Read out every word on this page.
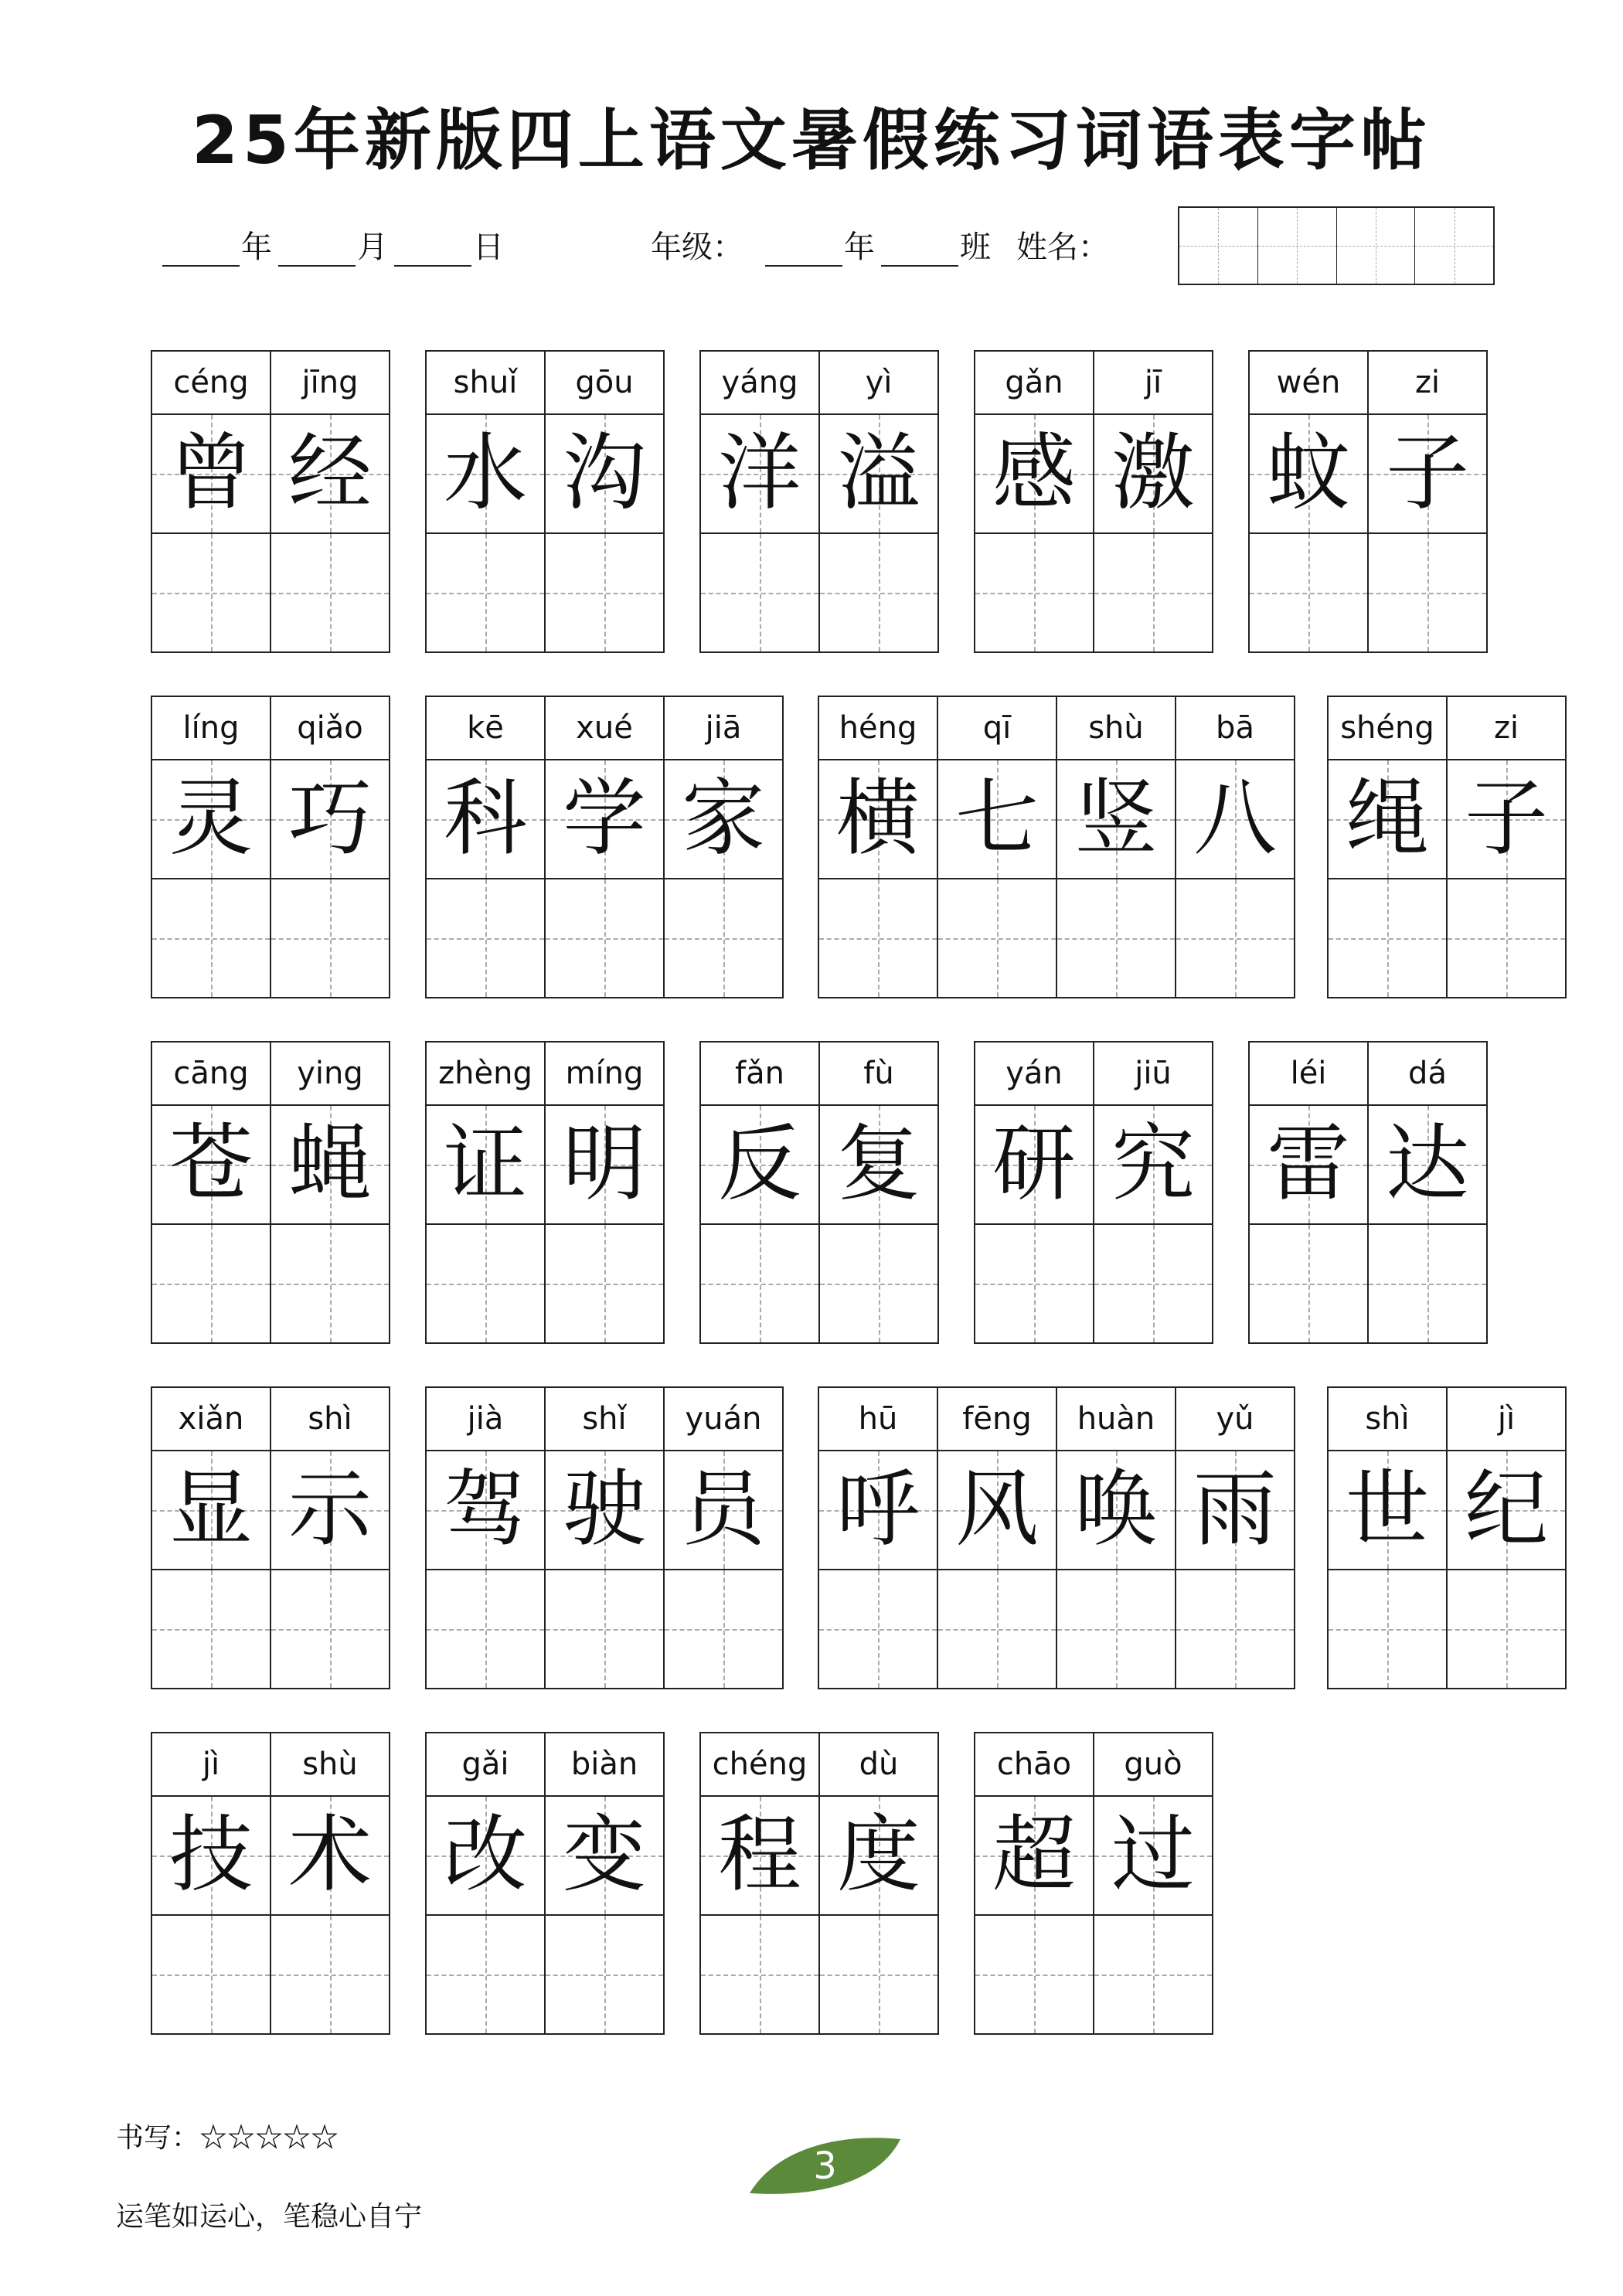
25年新版四上语文暑假练习词语表字帖
年	月	日	年级：	年	班 姓名：
céng
曾
jīng
经
shuǐ
水
gōu
沟
yáng
洋
yì
溢
gǎn
感
jī
激
wén
蚊
zi
子
líng
灵
qiǎo
巧
kē
科
xué
学
jiā
家
héng
横
qī
七
shù
竖
bā
八
shéng
绳
zi
子
cāng
苍
ying
蝇
zhèng
证
míng
明
fǎn
反
fù
复
yán
研
jiū
究
léi
雷
dá
达
xiǎn
显
shì
示
jià
驾
shǐ
驶
yuán
员
hū
呼
fēng
风
huàn
唤
yǔ
雨
shì
世
jì
纪
jì
技
shù
术
gǎi
改
biàn
变
chéng
程
dù
度
chāo
超
guò
过
书写：☆☆☆☆☆
运笔如运心，笔稳心自宁
3
